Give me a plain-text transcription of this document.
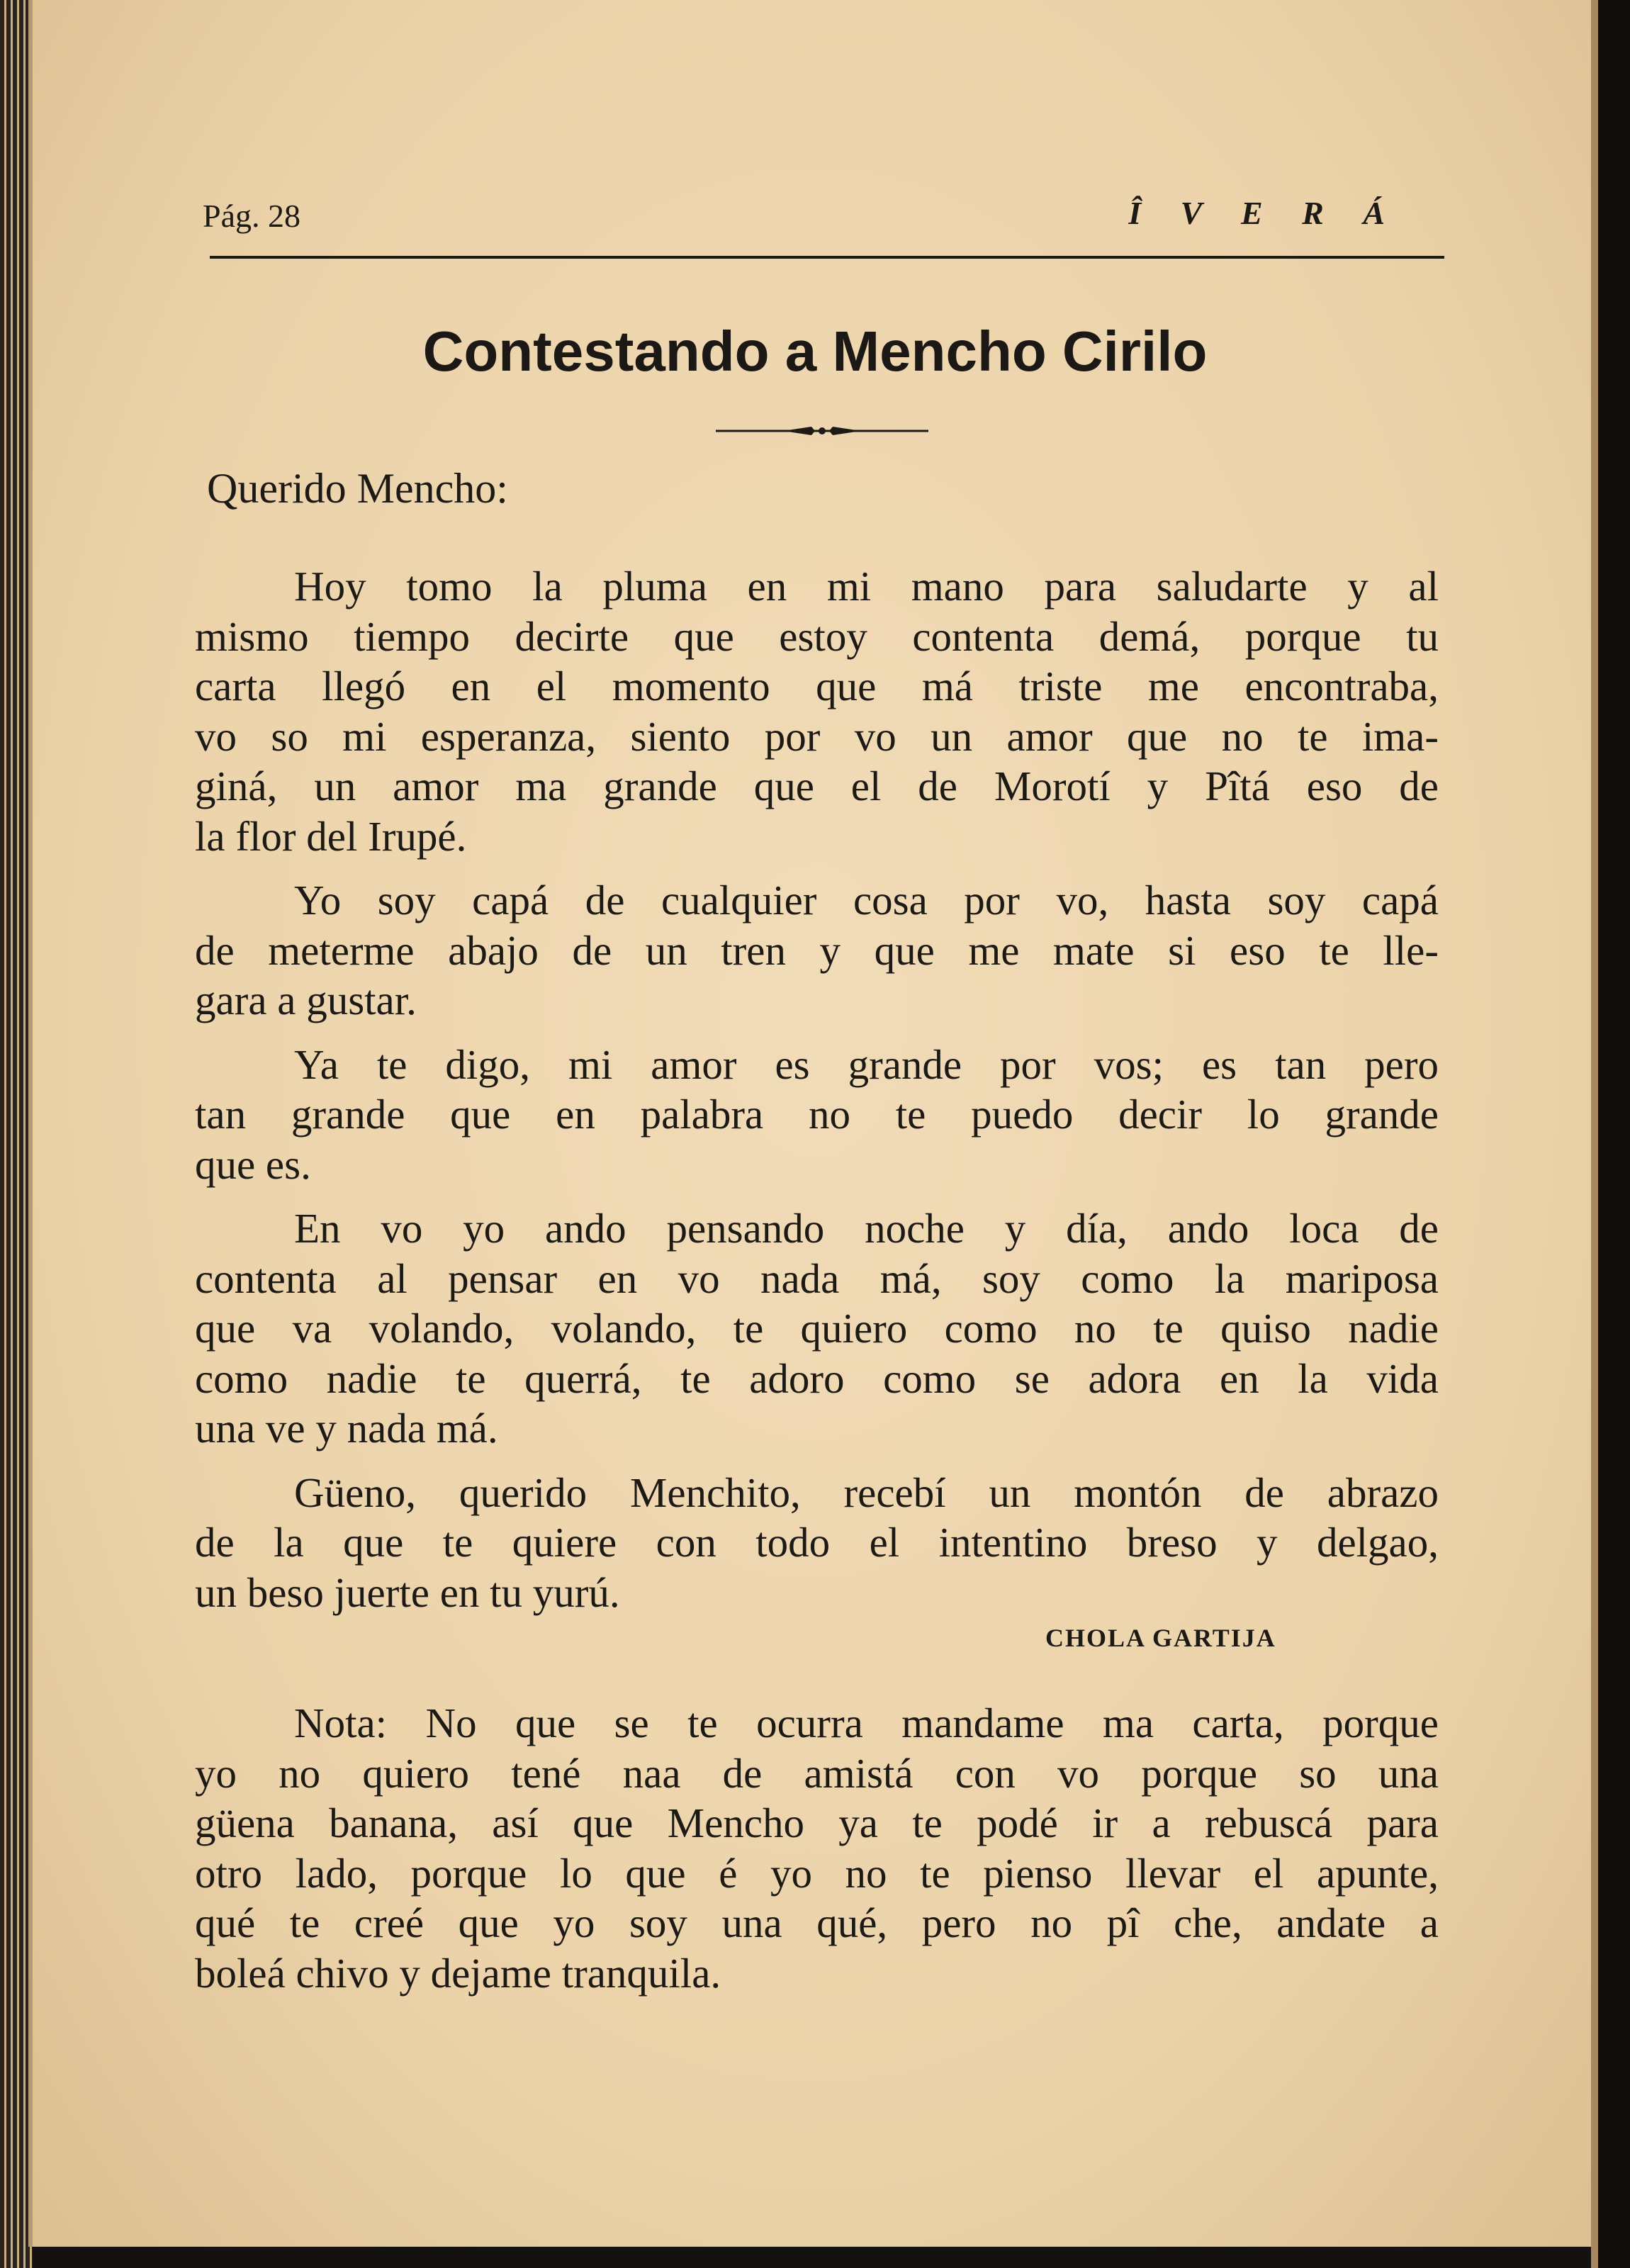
Pág. 28	Î V E R Á
Contestando a Mencho Cirilo
Querido Mencho:
Hoy tomo la pluma en mi mano para saludarte y al
mismo tiempo decirte que estoy contenta demá, porque tu
carta llegó en el momento que má triste me encontraba,
vo so mi esperanza, siento por vo un amor que no te ima-
giná, un amor ma grande que el de Morotí y Pîtá eso de
la flor del Irupé.
Yo soy capá de cualquier cosa por vo, hasta soy capá
de meterme abajo de un tren y que me mate si eso te lle-
gara a gustar.
Ya te digo, mi amor es grande por vos; es tan pero
tan grande que en palabra no te puedo decir lo grande
que es.
En vo yo ando pensando noche y día, ando loca de
contenta al pensar en vo nada má, soy como la mariposa
que va volando, volando, te quiero como no te quiso nadie
como nadie te querrá, te adoro como se adora en la vida
una ve y nada má.
Güeno, querido Menchito, recebí un montón de abrazo
de la que te quiere con todo el intentino breso y delgao,
un beso juerte en tu yurú.
CHOLA GARTIJA
Nota: No que se te ocurra mandame ma carta, porque
yo no quiero tené naa de amistá con vo porque so una
güena banana, así que Mencho ya te podé ir a rebuscá para
otro lado, porque lo que é yo no te pienso llevar el apunte,
qué te creé que yo soy una qué, pero no pî che, andate a
boleá chivo y dejame tranquila.
